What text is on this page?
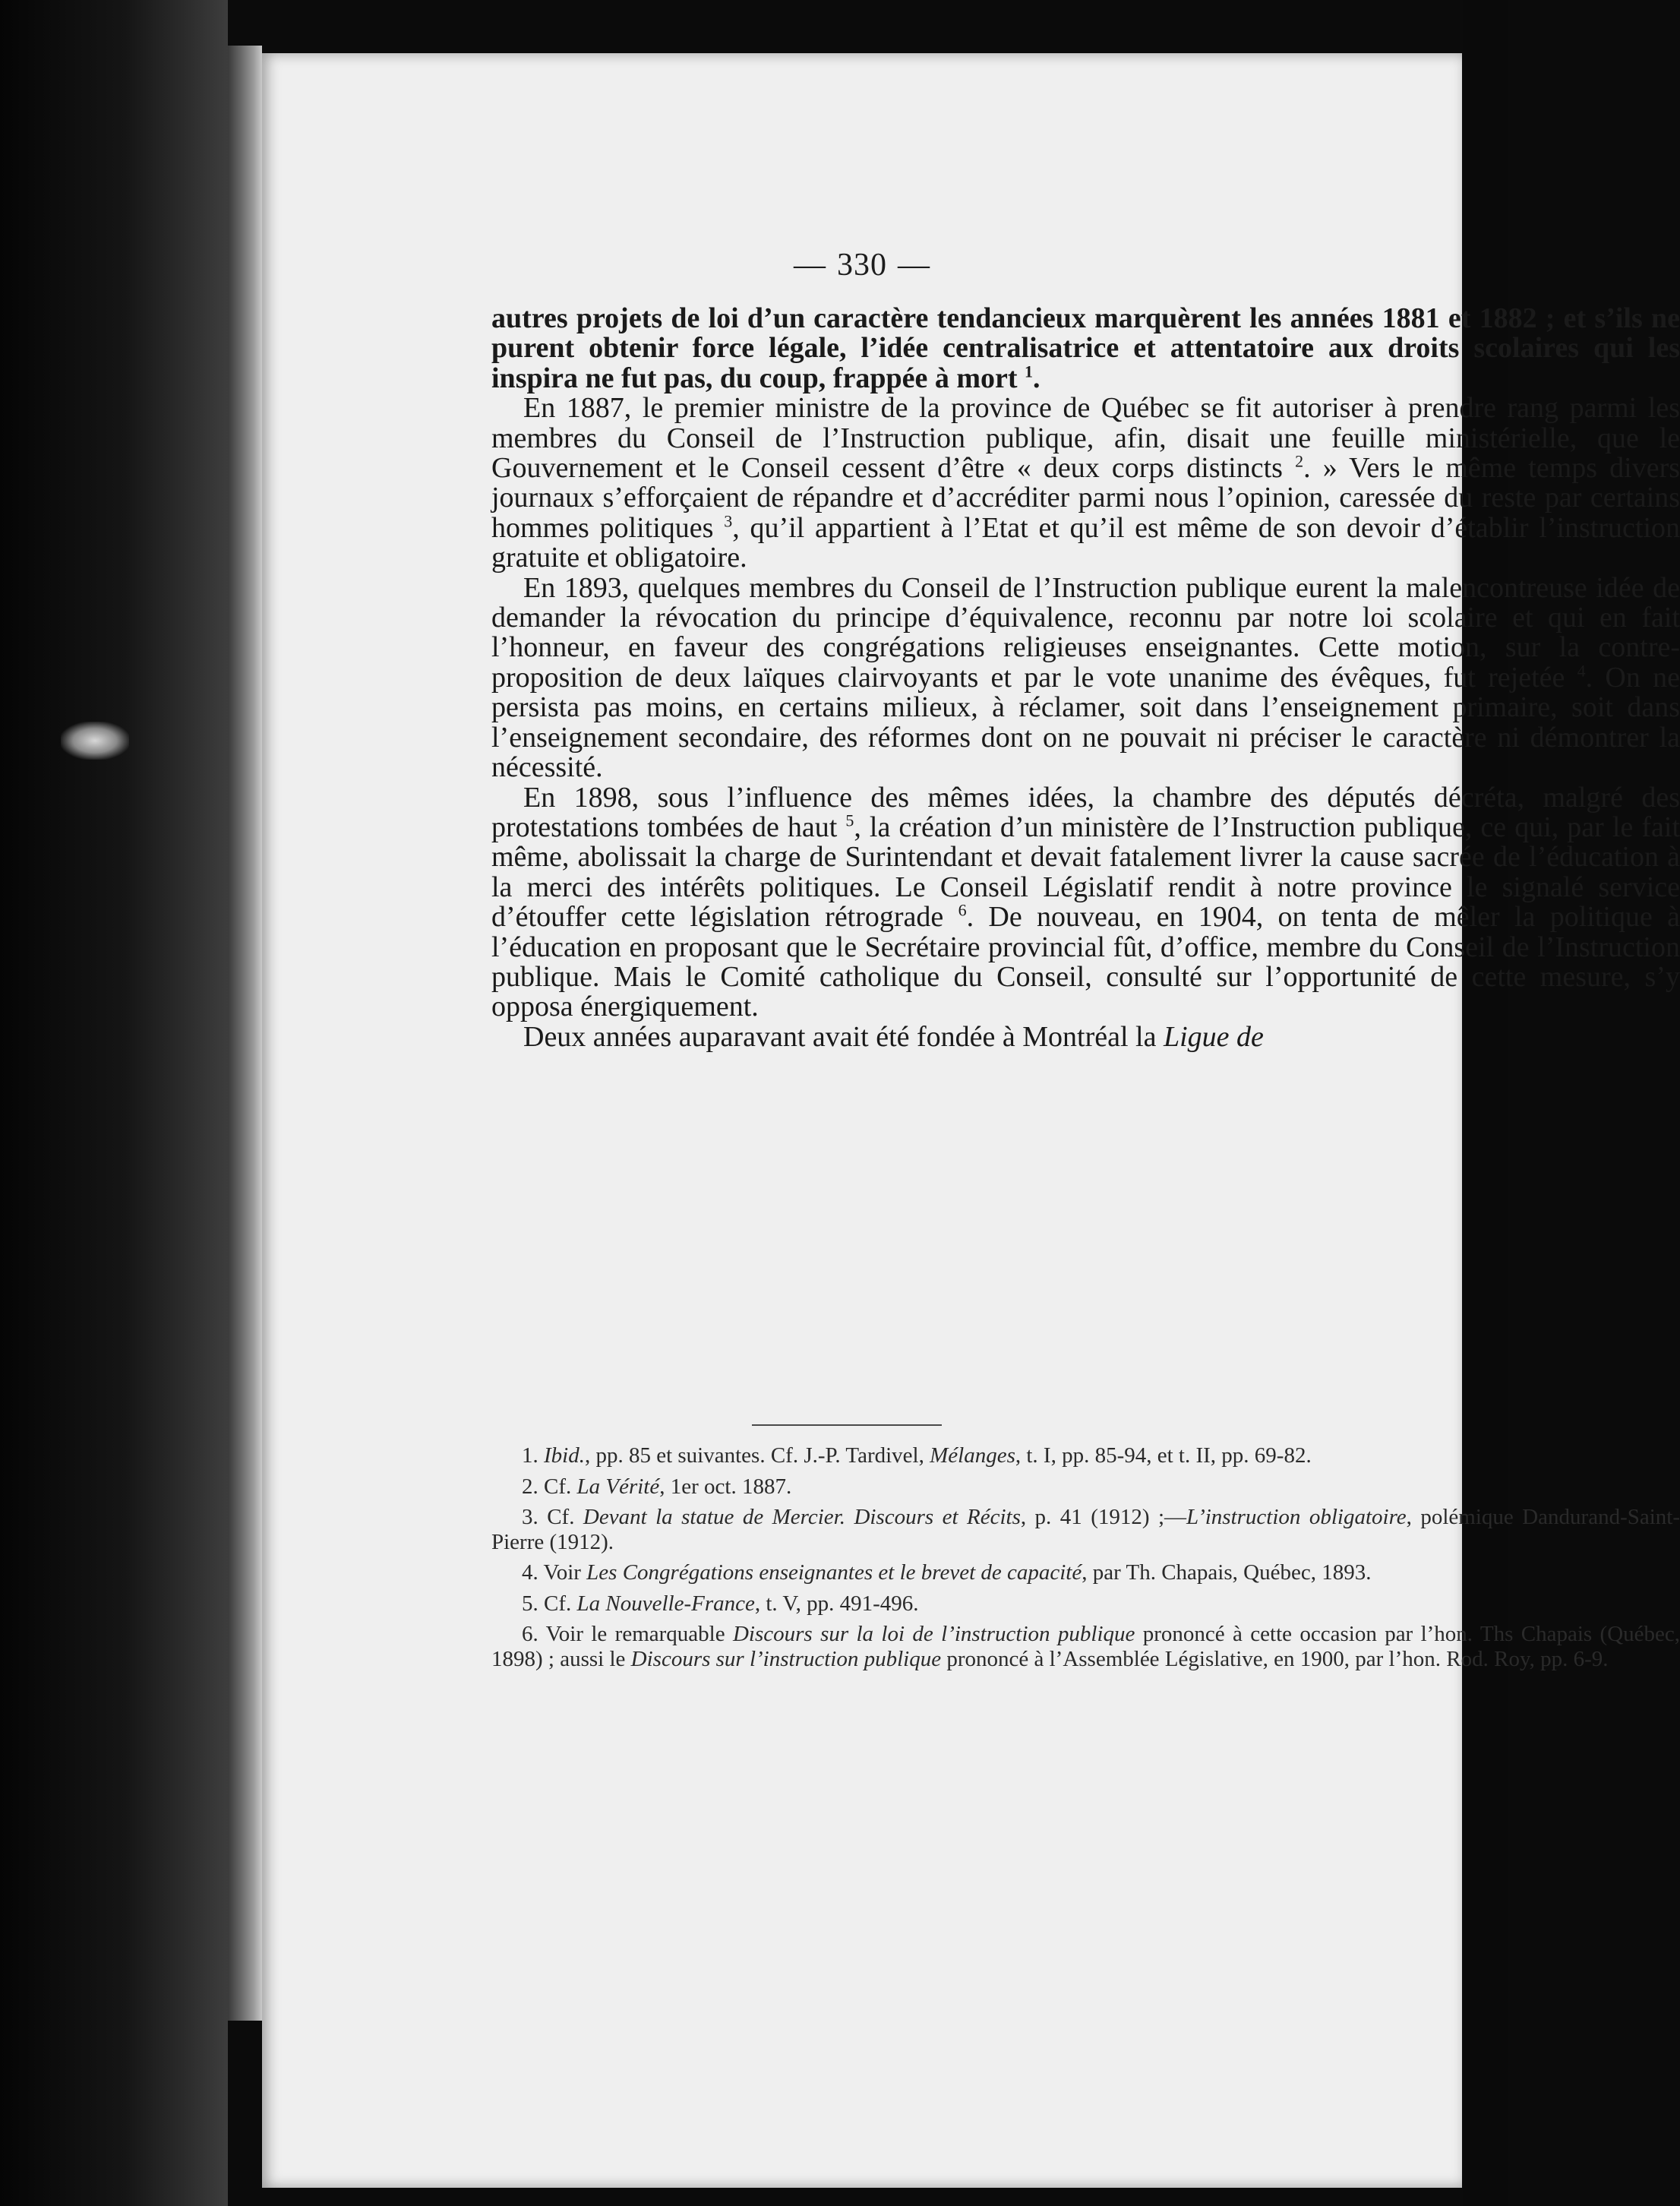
— 330 —

autres projets de loi d’un caractère tendancieux marquèrent les années 1881 et 1882 ; et s’ils ne purent obtenir force légale, l’idée centralisatrice et attentatoire aux droits scolaires qui les inspira ne fut pas, du coup, frappée à mort $^1$.

En 1887, le premier ministre de la province de Québec se fit autoriser à prendre rang parmi les membres du Conseil de l’Instruction publique, afin, disait une feuille ministérielle, que le Gouvernement et le Conseil cessent d’être « deux corps distincts $^2$. » Vers le même temps divers journaux s’efforçaient de répandre et d’accréditer parmi nous l’opinion, caressée du reste par certains hommes politiques $^3$, qu’il appartient à l’Etat et qu’il est même de son devoir d’établir l’instruction gratuite et obligatoire.

En 1893, quelques membres du Conseil de l’Instruction publique eurent la malencontreuse idée de demander la révocation du principe d’équivalence, reconnu par notre loi scolaire et qui en fait l’honneur, en faveur des congrégations religieuses enseignantes. Cette motion, sur la contre-proposition de deux laïques clairvoyants et par le vote unanime des évêques, fut rejetée $^4$. On ne persista pas moins, en certains milieux, à réclamer, soit dans l’enseignement primaire, soit dans l’enseignement secondaire, des réformes dont on ne pouvait ni préciser le caractère ni démontrer la nécessité.

En 1898, sous l’influence des mêmes idées, la chambre des députés décréta, malgré des protestations tombées de haut $^5$, la création d’un ministère de l’Instruction publique, ce qui, par le fait même, abolissait la charge de Surintendant et devait fatalement livrer la cause sacrée de l’éducation à la merci des intérêts politiques. Le Conseil Législatif rendit à notre province le signalé service d’étouffer cette législation rétrograde $^6$. De nouveau, en 1904, on tenta de mêler la politique à l’éducation en proposant que le Secrétaire provincial fût, d’office, membre du Conseil de l’Instruction publique. Mais le Comité catholique du Conseil, consulté sur l’opportunité de cette mesure, s’y opposa énergiquement.

Deux années auparavant avait été fondée à Montréal la Ligue de

1. Ibid., pp. 85 et suivantes. Cf. J.-P. Tardivel, Mélanges, t. I, pp. 85-94, et t. II, pp. 69-82.

2. Cf. La Vérité, 1er oct. 1887.

3. Cf. Devant la statue de Mercier. Discours et Récits, p. 41 (1912) ;—L’instruction obligatoire, polémique Dandurand-Saint-Pierre (1912).

4. Voir Les Congrégations enseignantes et le brevet de capacité, par Th. Chapais, Québec, 1893.

5. Cf. La Nouvelle-France, t. V, pp. 491-496.

6. Voir le remarquable Discours sur la loi de l’instruction publique prononcé à cette occasion par l’hon. Ths Chapais (Québec, 1898) ; aussi le Discours sur l’instruction publique prononcé à l’Assemblée Législative, en 1900, par l’hon. Rod. Roy, pp. 6-9.
